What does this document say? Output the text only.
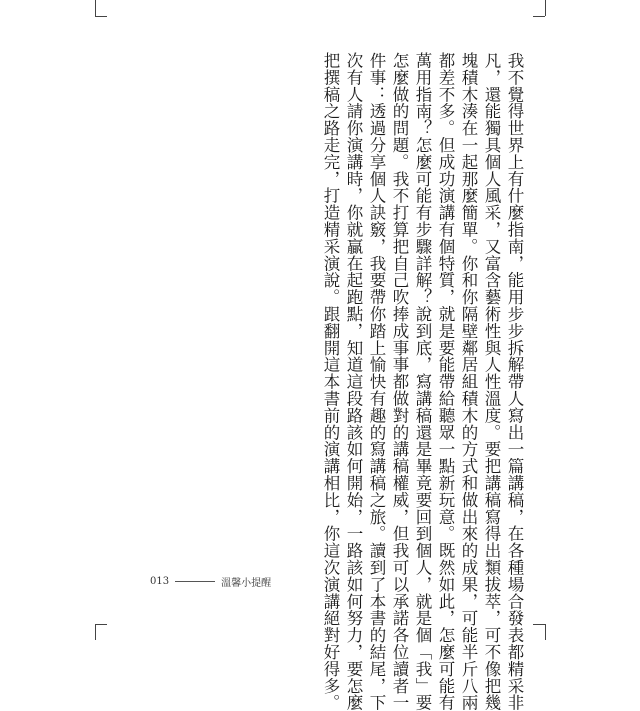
我不覺得世界上有什麼指南，能用步步拆解帶人寫出一篇講稿，在各種場合發表都精采非
凡，還能獨具個人風采，又富含藝術性與人性溫度。要把講稿寫得出類拔萃，可不像把幾
塊積木湊在一起那麼簡單。你和你隔壁鄰居組積木的方式和做出來的成果，可能半斤八兩
都差不多。但成功演講有個特質，就是要能帶給聽眾一點新玩意。既然如此，怎麼可能有
萬用指南？怎麼可能有步驟詳解？說到底，寫講稿還是畢竟要回到個人，就是個「我」要
怎麼做的問題。我不打算把自己吹捧成事事都做對的講稿權威，但我可以承諾各位讀者一
件事：透過分享個人訣竅，我要帶你踏上愉快有趣的寫講稿之旅。讀到了本書的結尾，下
次有人請你演講時，你就贏在起跑點，知道這段路該如何開始，一路該如何努力，要怎麼
把撰稿之路走完，打造精采演說。跟翻開這本書前的演講相比，你這次演講絕對好得多。
013	溫馨小提醒
